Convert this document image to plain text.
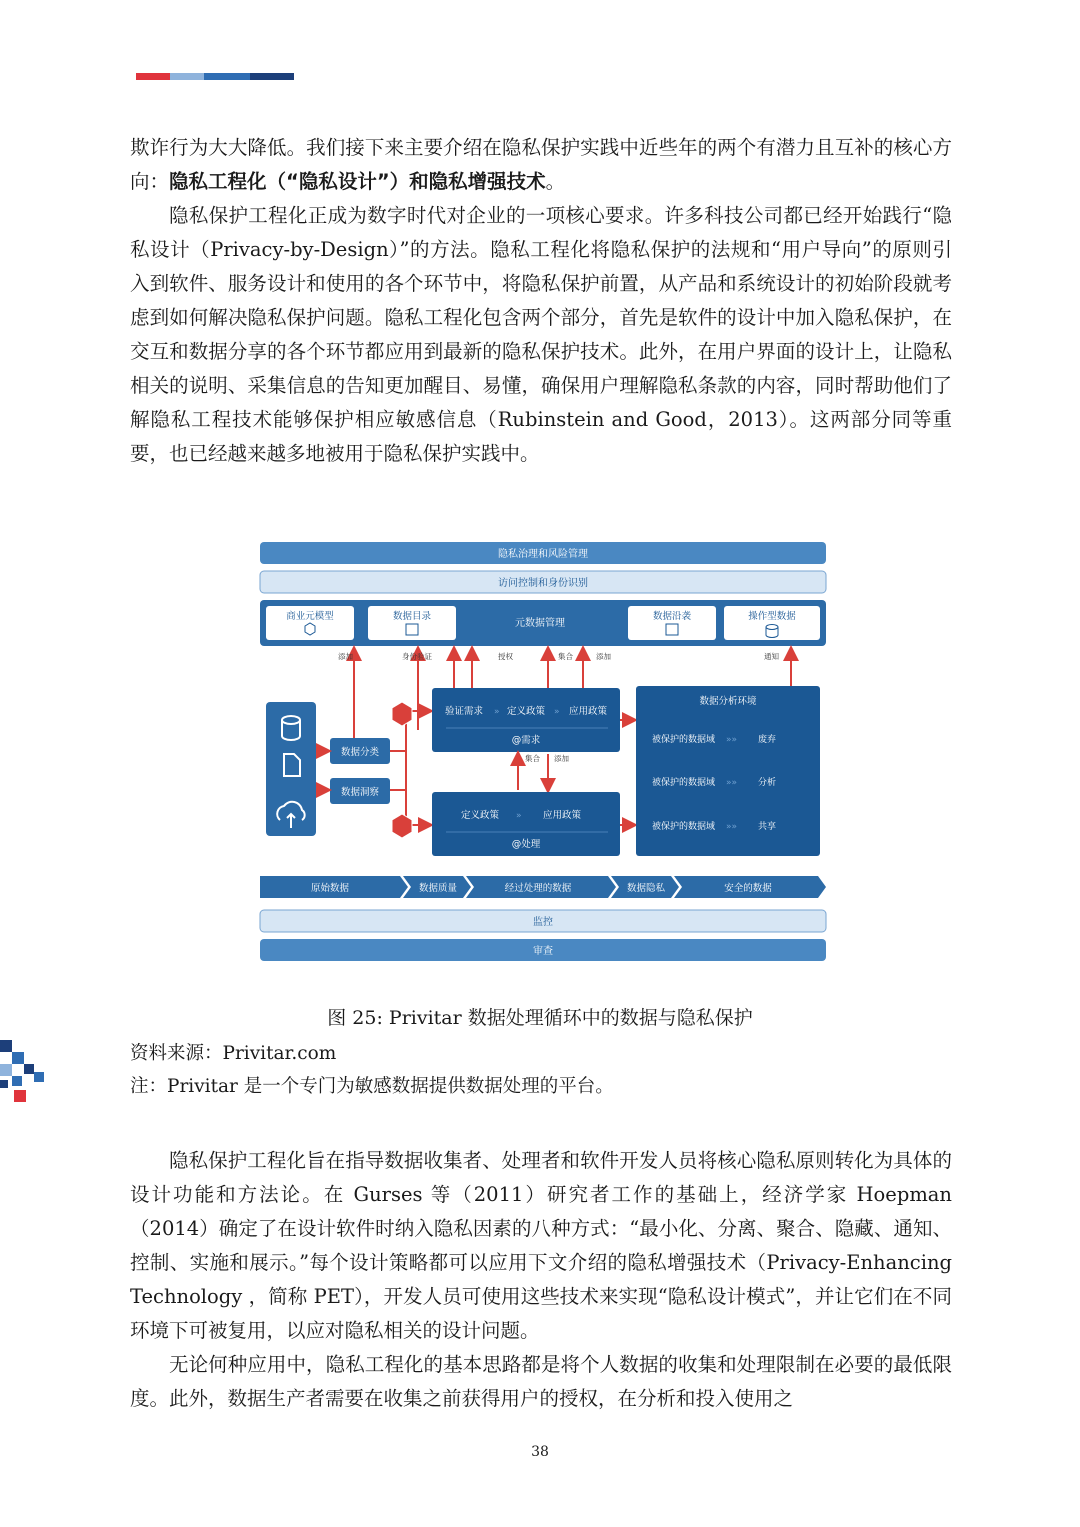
欺诈行为大大降低。我们接下来主要介绍在隐私保护实践中近些年的两个有潜力且互补的核心方向：隐私工程化（“隐私设计”）和隐私增强技术。

隐私保护工程化正成为数字时代对企业的一项核心要求。许多科技公司都已经开始践行“隐私设计（Privacy-by-Design）”的方法。隐私工程化将隐私保护的法规和“用户导向”的原则引入到软件、服务设计和使用的各个环节中，将隐私保护前置，从产品和系统设计的初始阶段就考虑到如何解决隐私保护问题。隐私工程化包含两个部分，首先是软件的设计中加入隐私保护，在交互和数据分享的各个环节都应用到最新的隐私保护技术。此外，在用户界面的设计上，让隐私相关的说明、采集信息的告知更加醒目、易懂，确保用户理解隐私条款的内容，同时帮助他们了解隐私工程技术能够保护相应敏感信息（Rubinstein and Good，2013）。这两部分同等重要，也已经越来越多地被用于隐私保护实践中。

隐私治理和风险管理
访问控制和身份识别
元数据管理
商业元模型	数据目录	数据沿袭	操作型数据
添加	身份验证	授权	集合	添加	通知
数据分类
数据洞察
验证需求	定义政策	应用政策
»	»
@需求
集合 添加
定义政策	应用政策
»
@处理
数据分析环境
被保护的数据域 »» 废弃
被保护的数据域 »» 分析
被保护的数据域 »» 共享
原始数据	数据质量	经过处理的数据	数据隐私	安全的数据
监控
审查
图 25: Privitar 数据处理循环中的数据与隐私保护
资料来源：Privitar.com
注：Privitar 是一个专门为敏感数据提供数据处理的平台。

隐私保护工程化旨在指导数据收集者、处理者和软件开发人员将核心隐私原则转化为具体的设计功能和方法论。在 Gurses 等（2011）研究者工作的基础上，经济学家 Hoepman （2014）确定了在设计软件时纳入隐私因素的八种方式：“最小化、分离、聚合、隐藏、通知、控制、实施和展示。”每个设计策略都可以应用下文介绍的隐私增强技术（Privacy-Enhancing Technology ，简称 PET），开发人员可使用这些技术来实现“隐私设计模式”，并让它们在不同环境下可被复用，以应对隐私相关的设计问题。

无论何种应用中，隐私工程化的基本思路都是将个人数据的收集和处理限制在必要的最低限度。此外，数据生产者需要在收集之前获得用户的授权，在分析和投入使用之

38
